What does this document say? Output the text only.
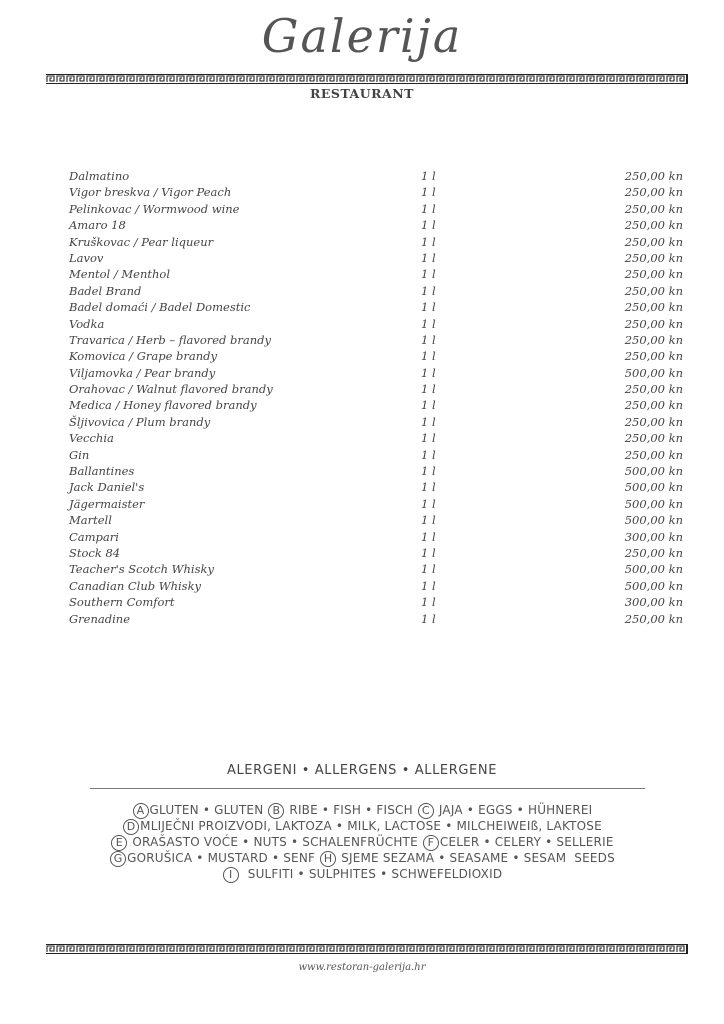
Galerija
RESTAURANT
Dalmatino	1 l	250,00 kn
Vigor breskva / Vigor Peach	1 l	250,00 kn
Pelinkovac / Wormwood wine	1 l	250,00 kn
Amaro 18	1 l	250,00 kn
Kruškovac / Pear liqueur	1 l	250,00 kn
Lavov	1 l	250,00 kn
Mentol / Menthol	1 l	250,00 kn
Badel Brand	1 l	250,00 kn
Badel domaći / Badel Domestic	1 l	250,00 kn
Vodka	1 l	250,00 kn
Travarica / Herb – flavored brandy	1 l	250,00 kn
Komovica / Grape brandy	1 l	250,00 kn
Viljamovka / Pear brandy	1 l	500,00 kn
Orahovac / Walnut flavored brandy	1 l	250,00 kn
Medica / Honey flavored brandy	1 l	250,00 kn
Šljivovica / Plum brandy	1 l	250,00 kn
Vecchia	1 l	250,00 kn
Gin	1 l	250,00 kn
Ballantines	1 l	500,00 kn
Jack Daniel's	1 l	500,00 kn
Jägermaister	1 l	500,00 kn
Martell	1 l	500,00 kn
Campari	1 l	300,00 kn
Stock 84	1 l	250,00 kn
Teacher's Scotch Whisky	1 l	500,00 kn
Canadian Club Whisky	1 l	500,00 kn
Southern Comfort	1 l	300,00 kn
Grenadine	1 l	250,00 kn
ALERGENI • ALLERGENS • ALLERGENE
A GLUTEN • GLUTEN B RIBE • FISH • FISCH C JAJA • EGGS • HÜHNEREI
D MLIJEČNI PROIZVODI, LAKTOZA • MILK, LACTOSE • MILCHEIWEIß, LAKTOSE
E ORAŠASTO VOĆE • NUTS • SCHALENFRÜCHTE F CELER • CELERY • SELLERIE
G GORUŠICA • MUSTARD • SENF H SJEME SEZAMA • SEASAME • SESAM  SEEDS
I  SULFITI • SULPHITES • SCHWEFELDIOXID
www.restoran-galerija.hr
